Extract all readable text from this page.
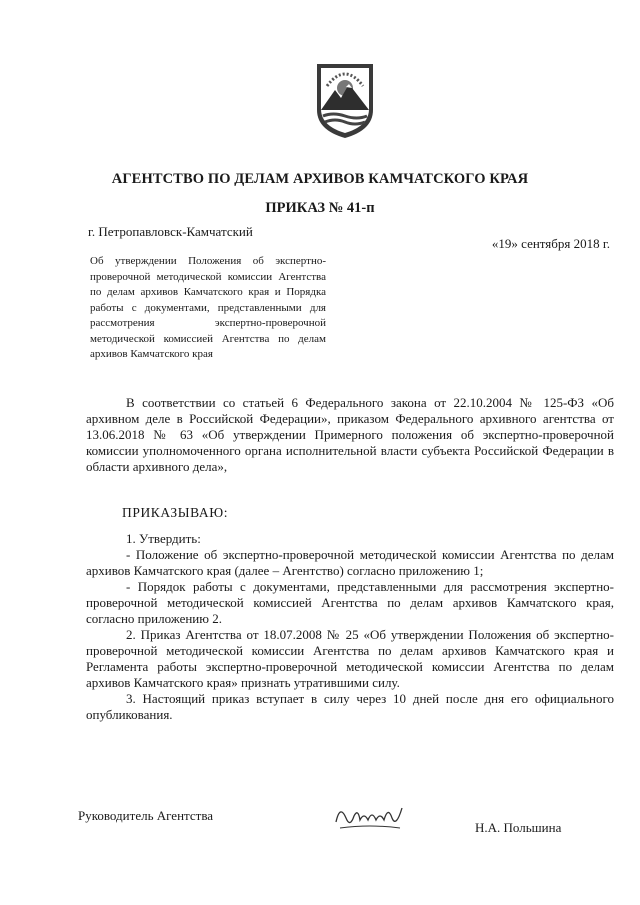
АГЕНТСТВО ПО ДЕЛАМ АРХИВОВ КАМЧАТСКОГО КРАЯ
ПРИКАЗ № 41-п
г. Петропавловск-Камчатский
«19» сентября 2018 г.
Об утверждении Положения об экспертно-проверочной методической комиссии Агентства по делам архивов Камчатского края и Порядка работы с документами, представленными для рассмотрения экспертно-проверочной методической комиссией Агентства по делам архивов Камчатского края

В соответствии со статьей 6 Федерального закона от 22.10.2004 № 125-ФЗ «Об архивном деле в Российской Федерации», приказом Федерального архивного агентства от 13.06.2018 № 63 «Об утверждении Примерного положения об экспертно-проверочной комиссии уполномоченного органа исполнительной власти субъекта Российской Федерации в области архивного дела»,

ПРИКАЗЫВАЮ:

1. Утвердить:

- Положение об экспертно-проверочной методической комиссии Агентства по делам архивов Камчатского края (далее – Агентство) согласно приложению 1;

- Порядок работы с документами, представленными для рассмотрения экспертно-проверочной методической комиссией Агентства по делам архивов Камчатского края, согласно приложению 2.

2. Приказ Агентства от 18.07.2008 № 25 «Об утверждении Положения об экспертно-проверочной методической комиссии Агентства по делам архивов Камчатского края и Регламента работы экспертно-проверочной методической комиссии Агентства по делам архивов Камчатского края» признать утратившими силу.

3. Настоящий приказ вступает в силу через 10 дней после дня его официального опубликования.

Руководитель Агентства
Н.А. Польшина
